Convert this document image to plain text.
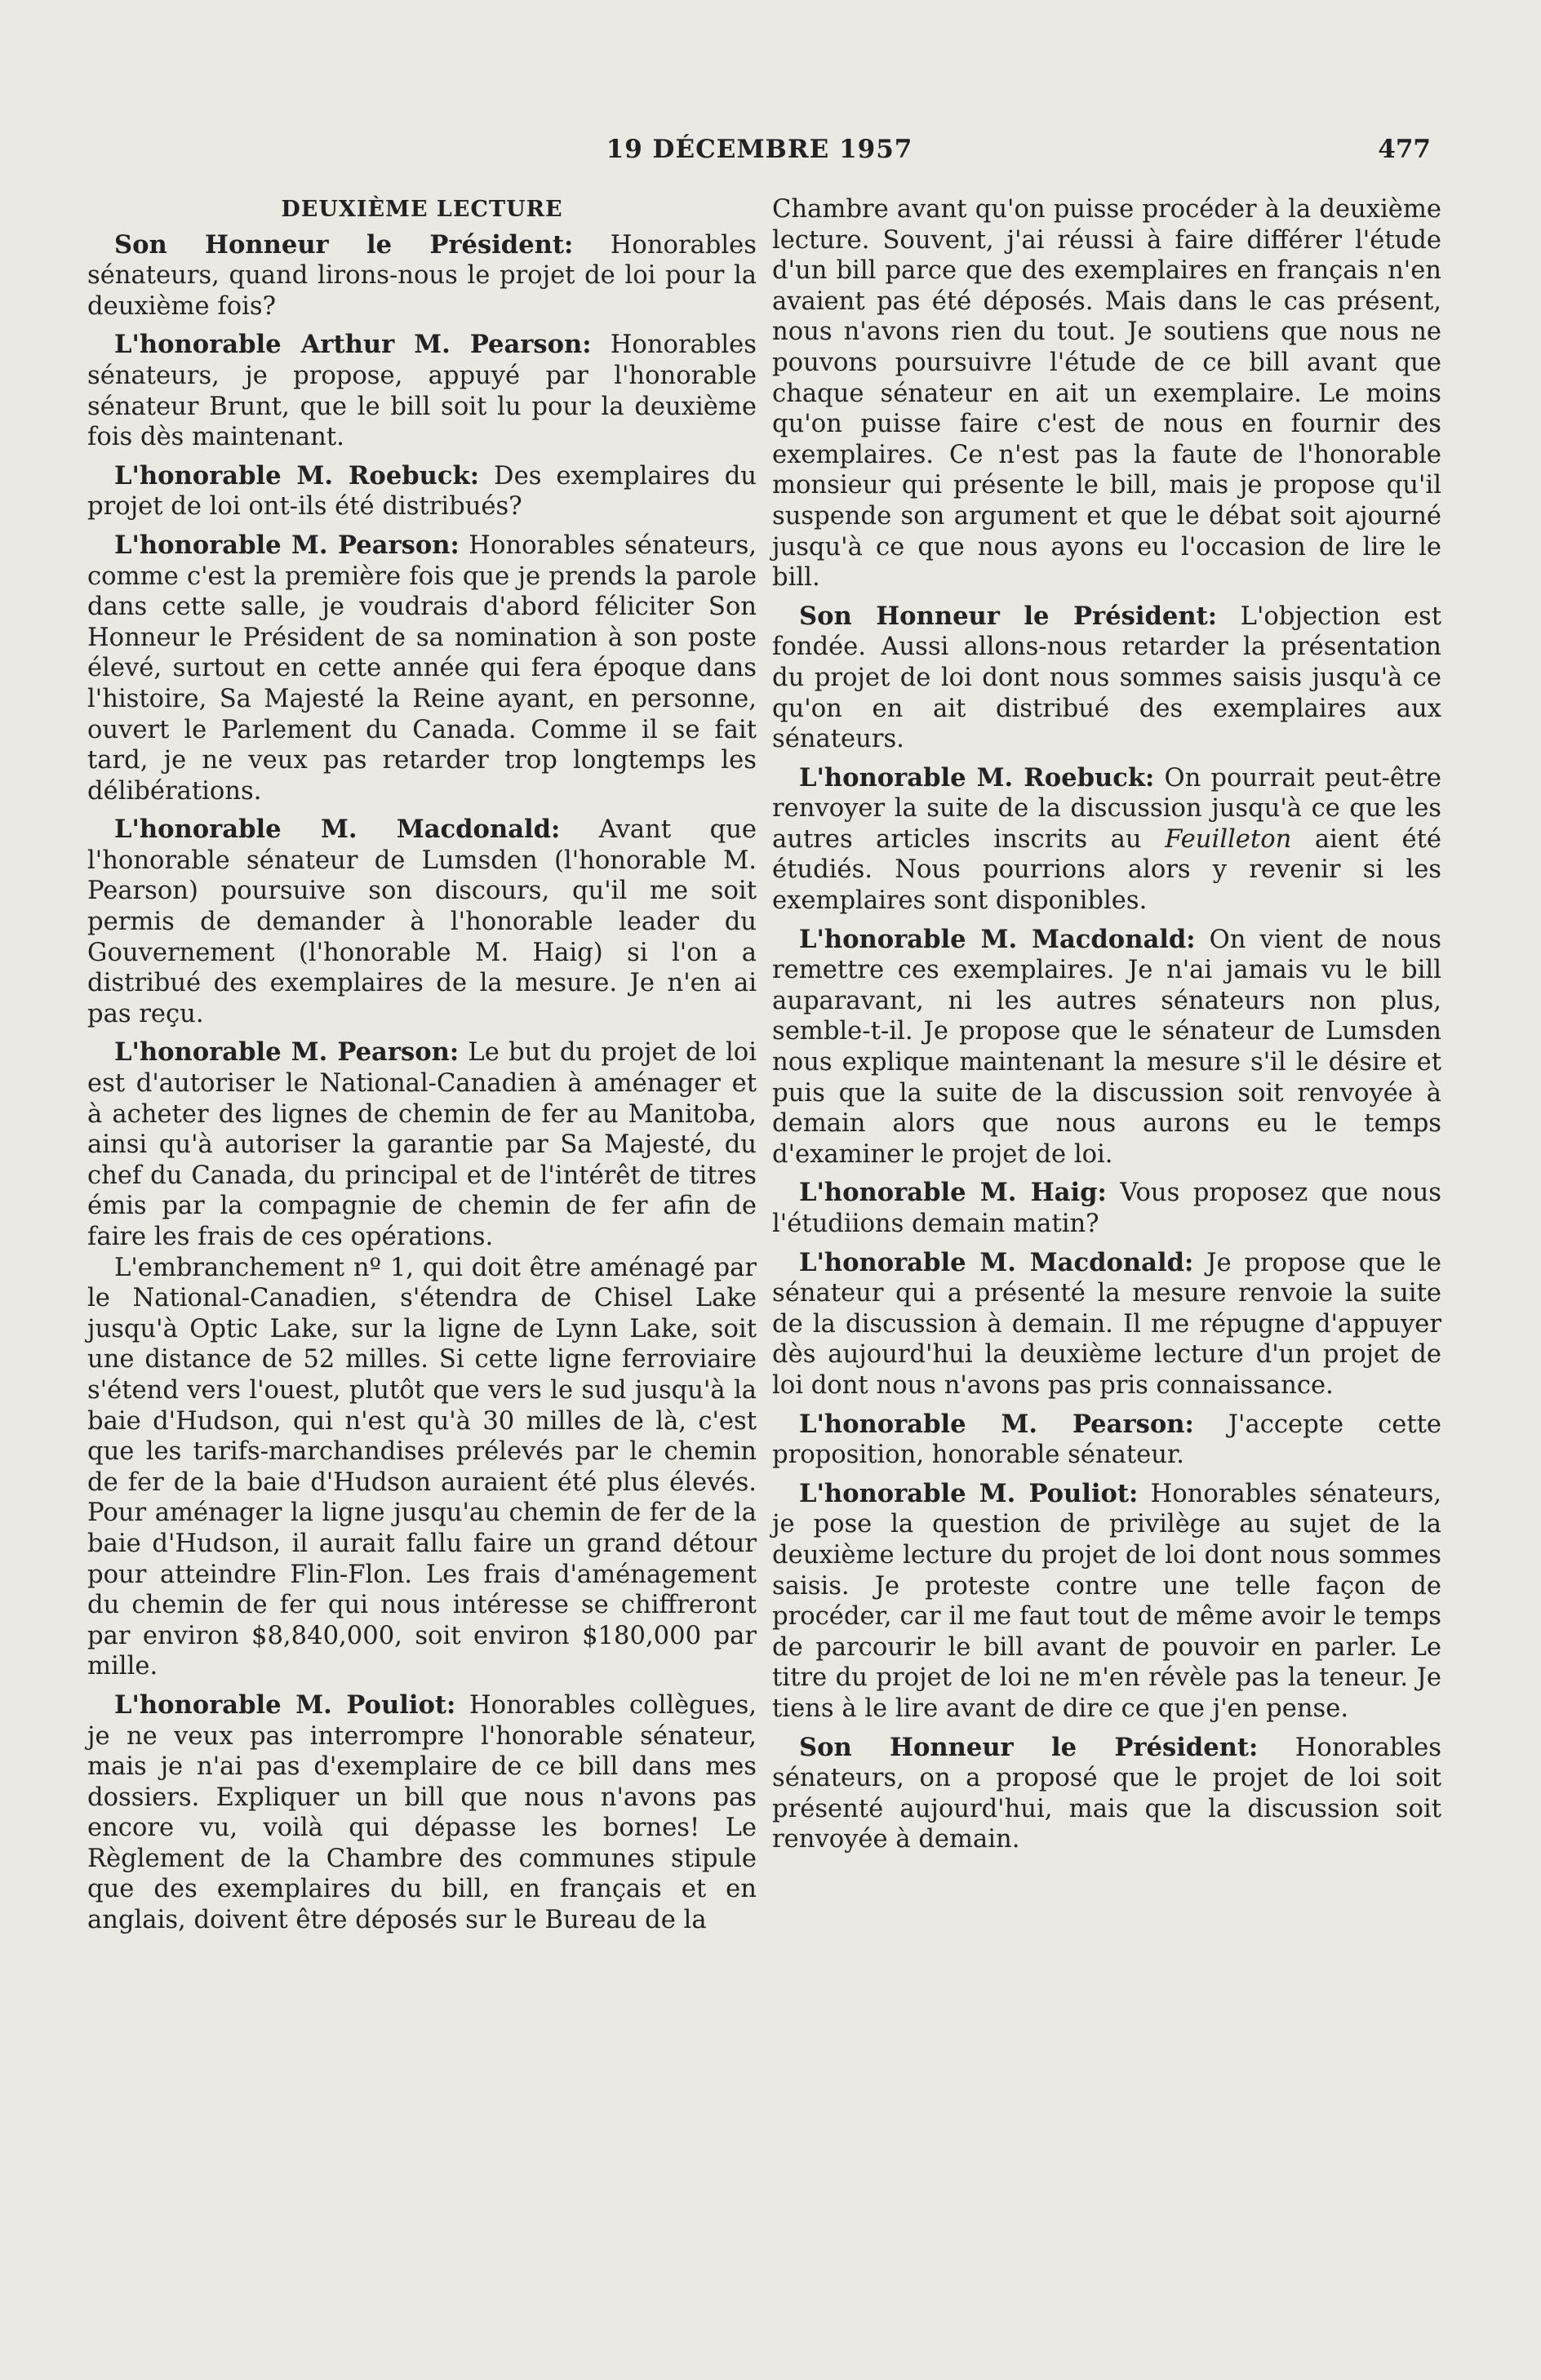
19 DÉCEMBRE 1957	477
DEUXIÈME LECTURE

Son Honneur le Président: Honorables sénateurs, quand lirons-nous le projet de loi pour la deuxième fois?

L'honorable Arthur M. Pearson: Honorables sénateurs, je propose, appuyé par l'honorable sénateur Brunt, que le bill soit lu pour la deuxième fois dès maintenant.

L'honorable M. Roebuck: Des exemplaires du projet de loi ont-ils été distribués?

L'honorable M. Pearson: Honorables sénateurs, comme c'est la première fois que je prends la parole dans cette salle, je voudrais d'abord féliciter Son Honneur le Président de sa nomination à son poste élevé, surtout en cette année qui fera époque dans l'histoire, Sa Majesté la Reine ayant, en personne, ouvert le Parlement du Canada. Comme il se fait tard, je ne veux pas retarder trop longtemps les délibérations.

L'honorable M. Macdonald: Avant que l'honorable sénateur de Lumsden (l'honorable M. Pearson) poursuive son discours, qu'il me soit permis de demander à l'honorable leader du Gouvernement (l'honorable M. Haig) si l'on a distribué des exemplaires de la mesure. Je n'en ai pas reçu.

L'honorable M. Pearson: Le but du projet de loi est d'autoriser le National-Canadien à aménager et à acheter des lignes de chemin de fer au Manitoba, ainsi qu'à autoriser la garantie par Sa Majesté, du chef du Canada, du principal et de l'intérêt de titres émis par la compagnie de chemin de fer afin de faire les frais de ces opérations.

L'embranchement nº 1, qui doit être aménagé par le National-Canadien, s'étendra de Chisel Lake jusqu'à Optic Lake, sur la ligne de Lynn Lake, soit une distance de 52 milles. Si cette ligne ferroviaire s'étend vers l'ouest, plutôt que vers le sud jusqu'à la baie d'Hudson, qui n'est qu'à 30 milles de là, c'est que les tarifs-marchandises prélevés par le chemin de fer de la baie d'Hudson auraient été plus élevés. Pour aménager la ligne jusqu'au chemin de fer de la baie d'Hudson, il aurait fallu faire un grand détour pour atteindre Flin-Flon. Les frais d'aménagement du chemin de fer qui nous intéresse se chiffreront par environ $8,840,000, soit environ $180,000 par mille.

L'honorable M. Pouliot: Honorables collègues, je ne veux pas interrompre l'honorable sénateur, mais je n'ai pas d'exemplaire de ce bill dans mes dossiers. Expliquer un bill que nous n'avons pas encore vu, voilà qui dépasse les bornes! Le Règlement de la Chambre des communes stipule que des exemplaires du bill, en français et en anglais, doivent être déposés sur le Bureau de la

Chambre avant qu'on puisse procéder à la deuxième lecture. Souvent, j'ai réussi à faire différer l'étude d'un bill parce que des exemplaires en français n'en avaient pas été déposés. Mais dans le cas présent, nous n'avons rien du tout. Je soutiens que nous ne pouvons poursuivre l'étude de ce bill avant que chaque sénateur en ait un exemplaire. Le moins qu'on puisse faire c'est de nous en fournir des exemplaires. Ce n'est pas la faute de l'honorable monsieur qui présente le bill, mais je propose qu'il suspende son argument et que le débat soit ajourné jusqu'à ce que nous ayons eu l'occasion de lire le bill.

Son Honneur le Président: L'objection est fondée. Aussi allons-nous retarder la présentation du projet de loi dont nous sommes saisis jusqu'à ce qu'on en ait distribué des exemplaires aux sénateurs.

L'honorable M. Roebuck: On pourrait peut-être renvoyer la suite de la discussion jusqu'à ce que les autres articles inscrits au Feuilleton aient été étudiés. Nous pourrions alors y revenir si les exemplaires sont disponibles.

L'honorable M. Macdonald: On vient de nous remettre ces exemplaires. Je n'ai jamais vu le bill auparavant, ni les autres sénateurs non plus, semble-t-il. Je propose que le sénateur de Lumsden nous explique maintenant la mesure s'il le désire et puis que la suite de la discussion soit renvoyée à demain alors que nous aurons eu le temps d'examiner le projet de loi.

L'honorable M. Haig: Vous proposez que nous l'étudiions demain matin?

L'honorable M. Macdonald: Je propose que le sénateur qui a présenté la mesure renvoie la suite de la discussion à demain. Il me répugne d'appuyer dès aujourd'hui la deuxième lecture d'un projet de loi dont nous n'avons pas pris connaissance.

L'honorable M. Pearson: J'accepte cette proposition, honorable sénateur.

L'honorable M. Pouliot: Honorables sénateurs, je pose la question de privilège au sujet de la deuxième lecture du projet de loi dont nous sommes saisis. Je proteste contre une telle façon de procéder, car il me faut tout de même avoir le temps de parcourir le bill avant de pouvoir en parler. Le titre du projet de loi ne m'en révèle pas la teneur. Je tiens à le lire avant de dire ce que j'en pense.

Son Honneur le Président: Honorables sénateurs, on a proposé que le projet de loi soit présenté aujourd'hui, mais que la discussion soit renvoyée à demain.
